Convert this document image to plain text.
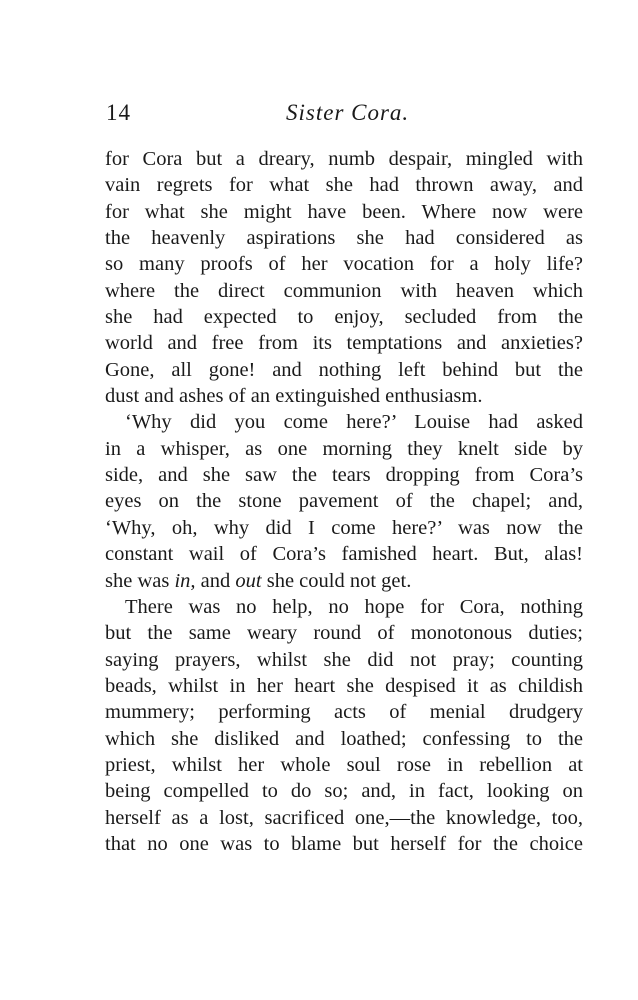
14	Sister Cora.
for Cora but a dreary, numb despair, mingled with
vain regrets for what she had thrown away, and
for what she might have been. Where now were
the heavenly aspirations she had considered as
so many proofs of her vocation for a holy life?
where the direct communion with heaven which
she had expected to enjoy, secluded from the
world and free from its temptations and anxieties?
Gone, all gone! and nothing left behind but the
dust and ashes of an extinguished enthusiasm.
‘Why did you come here?’ Louise had asked
in a whisper, as one morning they knelt side by
side, and she saw the tears dropping from Cora’s
eyes on the stone pavement of the chapel; and,
‘Why, oh, why did I come here?’ was now the
constant wail of Cora’s famished heart. But, alas!
she was in, and out she could not get.
There was no help, no hope for Cora, nothing
but the same weary round of monotonous duties;
saying prayers, whilst she did not pray; counting
beads, whilst in her heart she despised it as childish
mummery; performing acts of menial drudgery
which she disliked and loathed; confessing to the
priest, whilst her whole soul rose in rebellion at
being compelled to do so; and, in fact, looking on
herself as a lost, sacrificed one,—the knowledge, too,
that no one was to blame but herself for the choice
